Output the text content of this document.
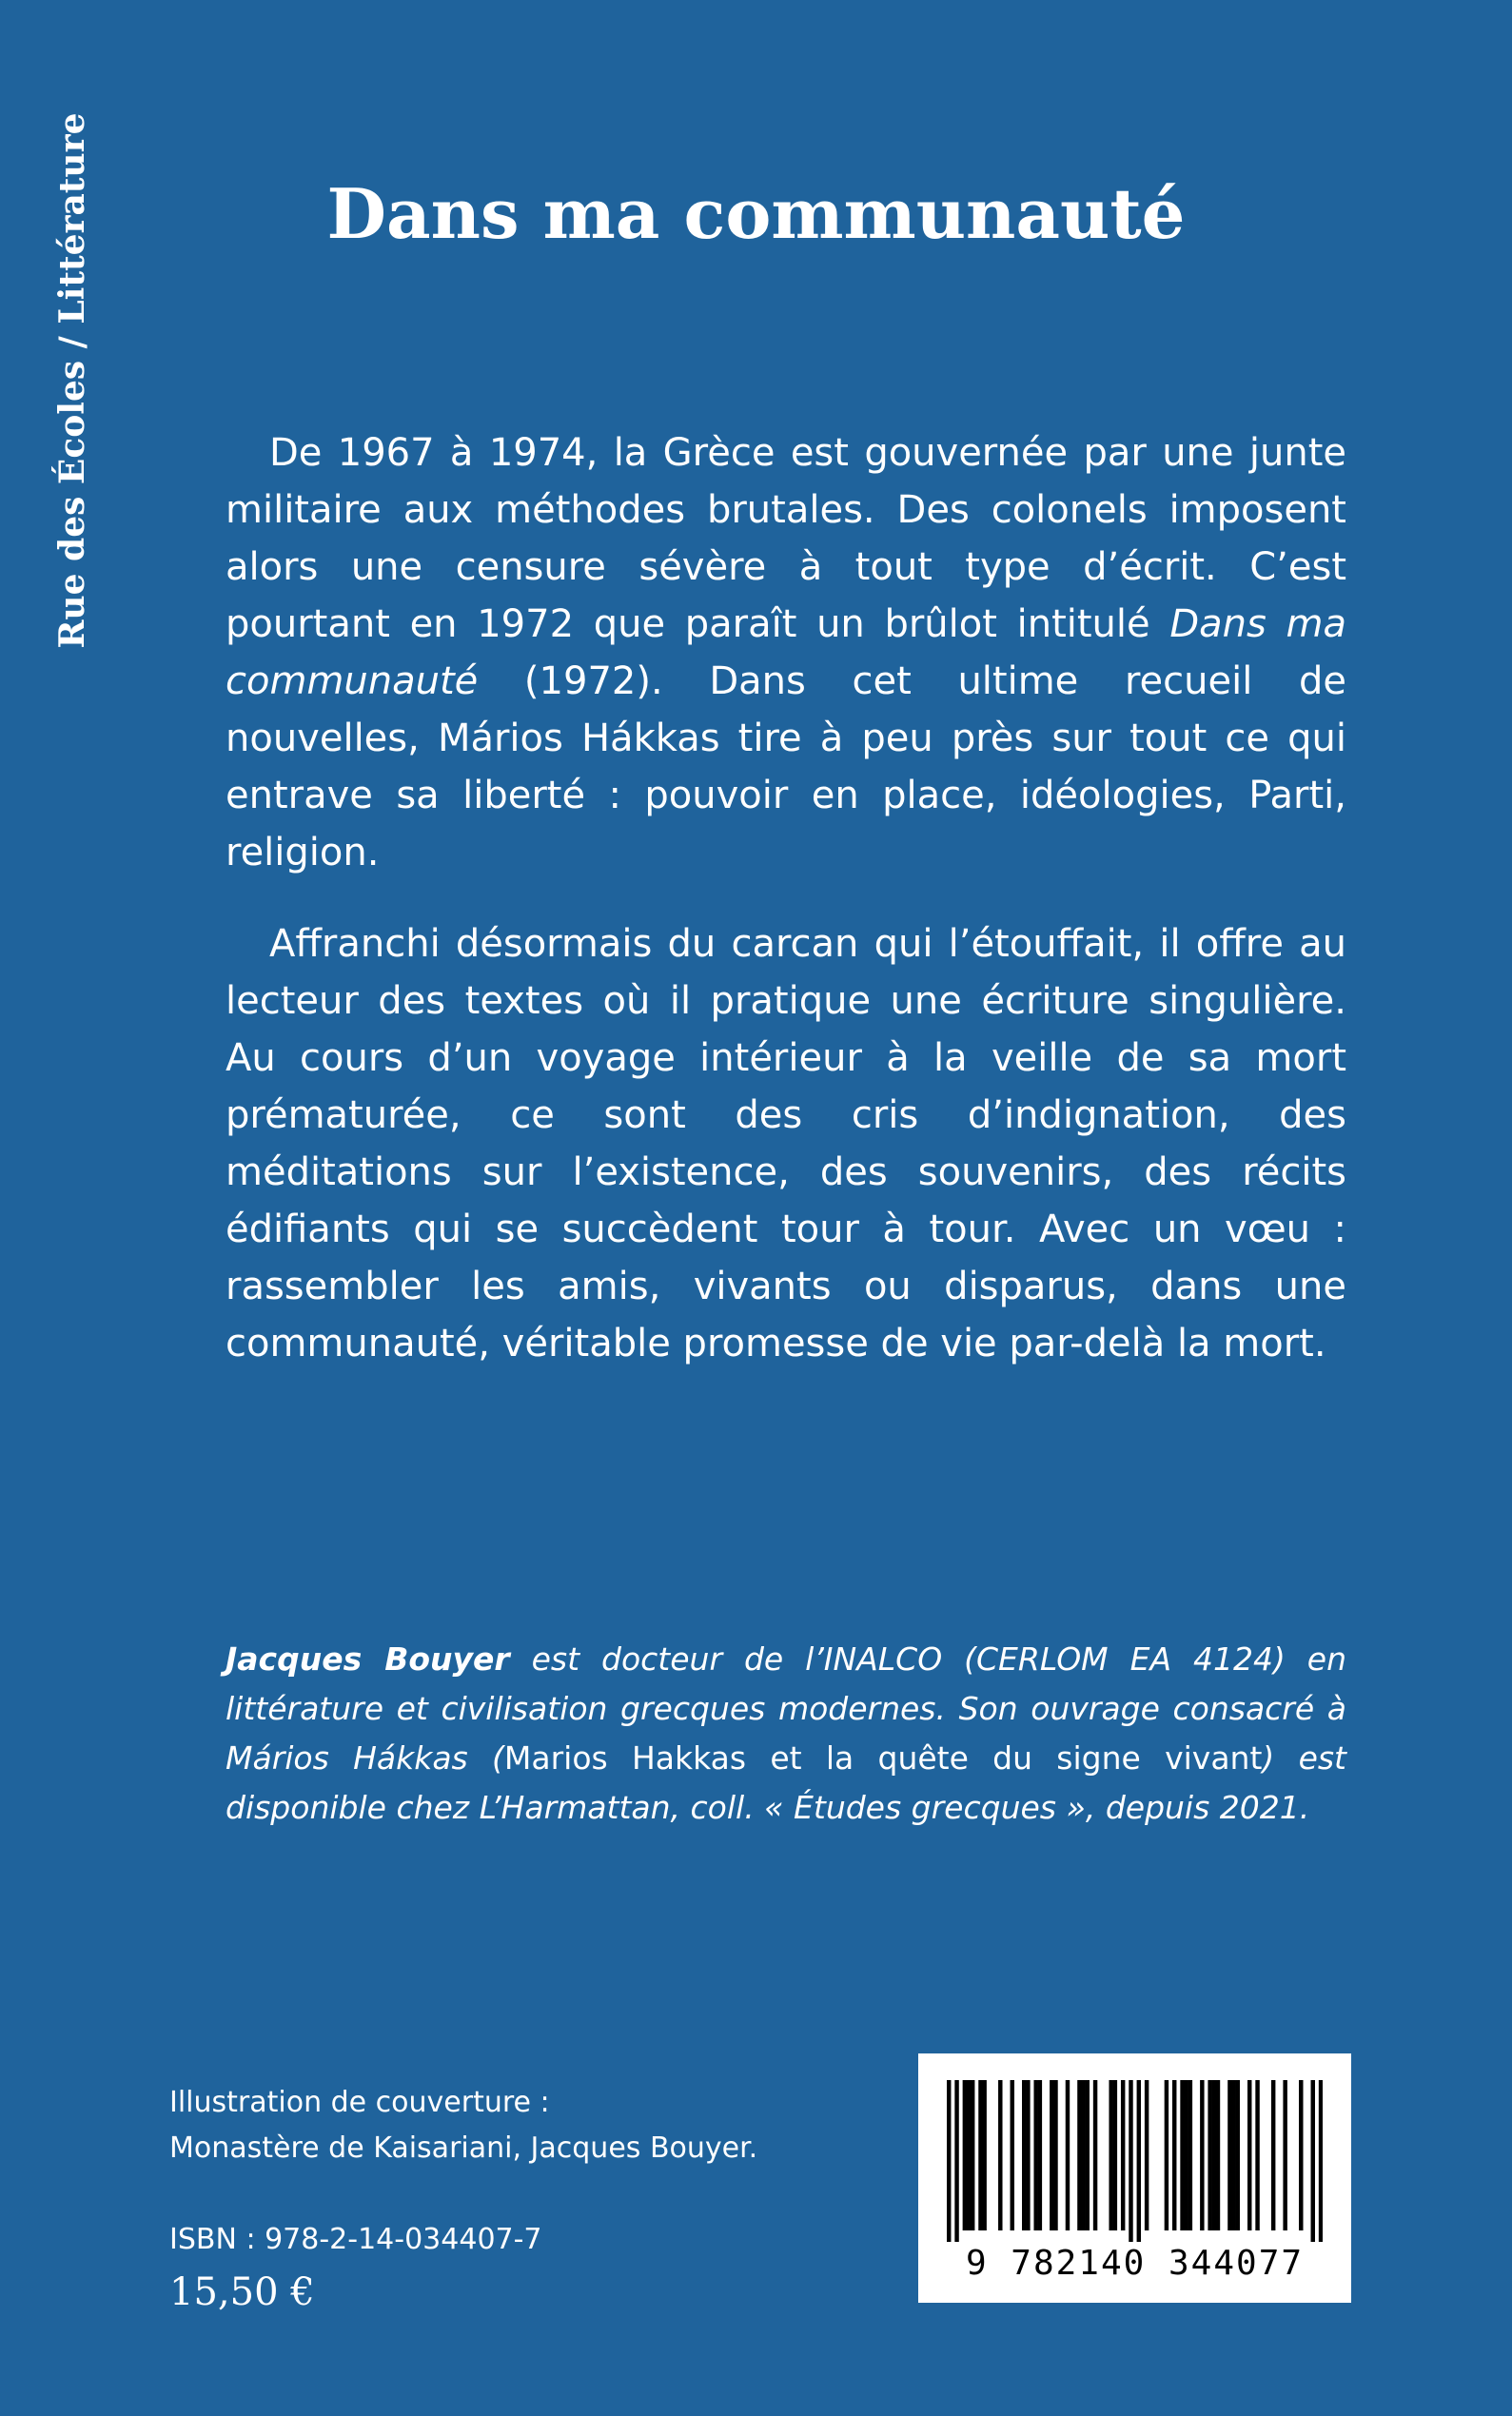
Rue des Écoles / Littérature	Dans ma communauté

De 1967 à 1974, la Grèce est gouvernée par une junte militaire aux méthodes brutales. Des colonels imposent alors une censure sévère à tout type d’écrit. C’est pourtant en 1972 que paraît un brûlot intitulé Dans ma communauté (1972). Dans cet ultime recueil de nouvelles, Mários Hákkas tire à peu près sur tout ce qui entrave sa liberté : pouvoir en place, idéologies, Parti, religion.

Affranchi désormais du carcan qui l’étouffait, il offre au lecteur des textes où il pratique une écriture singulière. Au cours d’un voyage intérieur à la veille de sa mort prématurée, ce sont des cris d’indignation, des méditations sur l’existence, des souvenirs, des récits édifiants qui se succèdent tour à tour. Avec un vœu : rassembler les amis, vivants ou disparus, dans une communauté, véritable promesse de vie par-delà la mort.

Jacques Bouyer est docteur de l’INALCO (CERLOM EA 4124) en littérature et civilisation grecques modernes. Son ouvrage consacré à Mários Hákkas (Marios Hakkas et la quête du signe vivant) est disponible chez L’Harmattan, coll. « Études grecques », depuis 2021.
Illustration de couverture :
Monastère de Kaisariani, Jacques Bouyer.
ISBN : 978-2-14-034407-7
15,50 €
9 782140 344077
